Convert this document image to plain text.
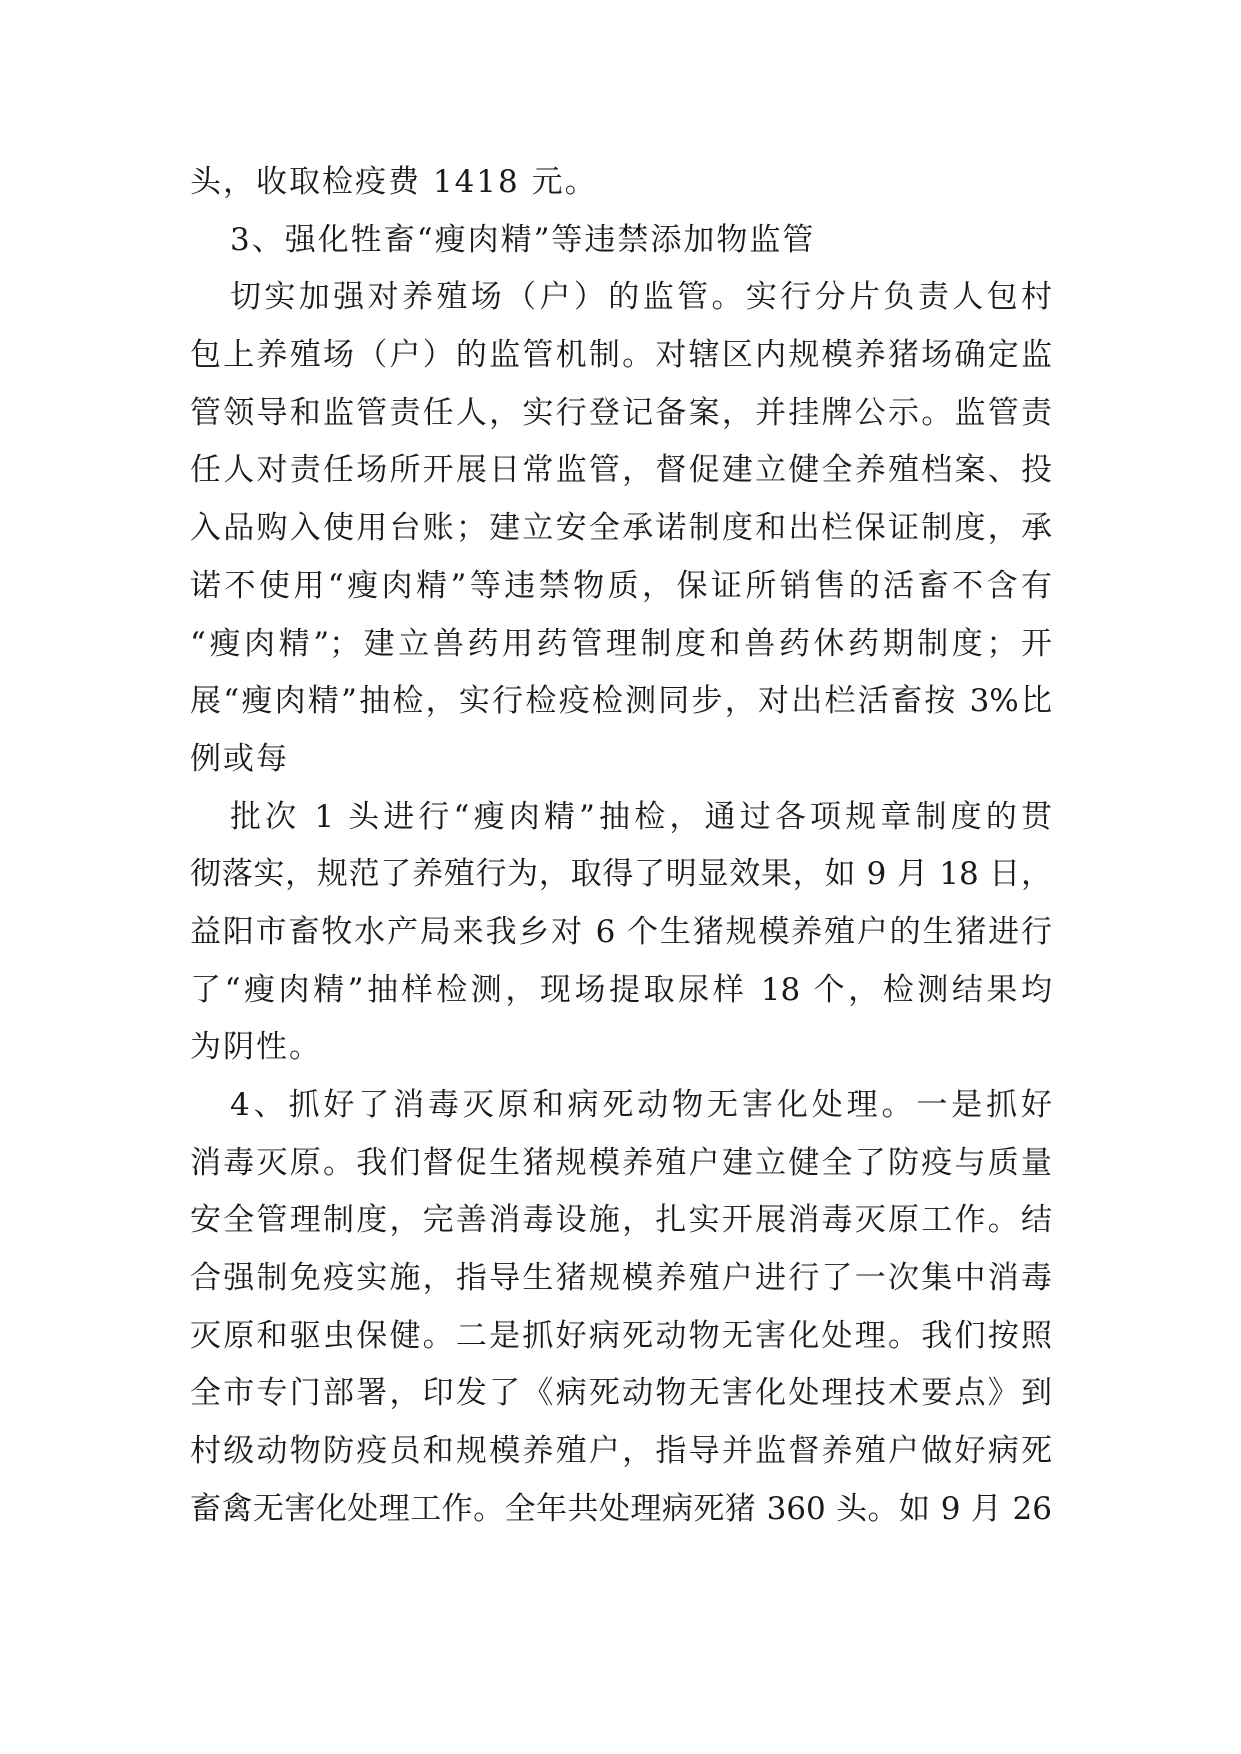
头，收取检疫费 1418 元。
3、强化牲畜“瘦肉精”等违禁添加物监管
切实加强对养殖场（户）的监管。实行分片负责人包村
包上养殖场（户）的监管机制。对辖区内规模养猪场确定监
管领导和监管责任人，实行登记备案，并挂牌公示。监管责
任人对责任场所开展日常监管，督促建立健全养殖档案、投
入品购入使用台账；建立安全承诺制度和出栏保证制度，承
诺不使用“瘦肉精”等违禁物质，保证所销售的活畜不含有
“瘦肉精”；建立兽药用药管理制度和兽药休药期制度；开
展“瘦肉精”抽检，实行检疫检测同步，对出栏活畜按 3%比
例或每
批次 1 头进行“瘦肉精”抽检，通过各项规章制度的贯
彻落实，规范了养殖行为，取得了明显效果，如 9 月 18 日，
益阳市畜牧水产局来我乡对 6 个生猪规模养殖户的生猪进行
了“瘦肉精”抽样检测，现场提取尿样 18 个，检测结果均
为阴性。
4、抓好了消毒灭原和病死动物无害化处理。一是抓好
消毒灭原。我们督促生猪规模养殖户建立健全了防疫与质量
安全管理制度，完善消毒设施，扎实开展消毒灭原工作。结
合强制免疫实施，指导生猪规模养殖户进行了一次集中消毒
灭原和驱虫保健。二是抓好病死动物无害化处理。我们按照
全市专门部署，印发了《病死动物无害化处理技术要点》到
村级动物防疫员和规模养殖户，指导并监督养殖户做好病死
畜禽无害化处理工作。全年共处理病死猪 360 头。如 9 月 26
